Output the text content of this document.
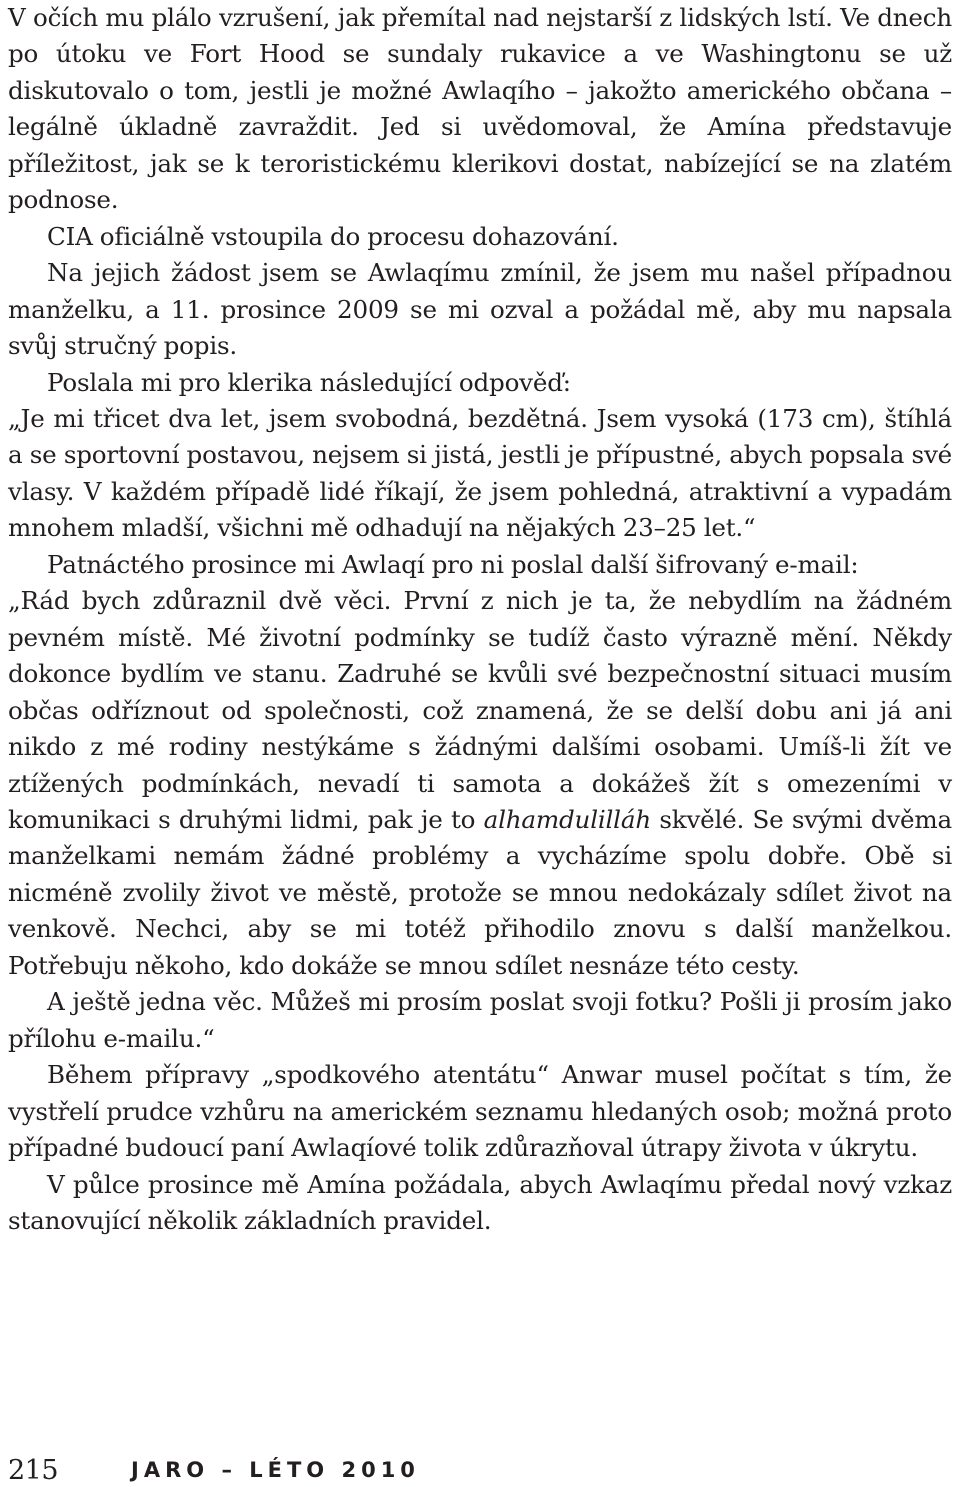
V očích mu plálo vzrušení, jak přemítal nad nejstarší z lidských lstí. Ve dnech po útoku ve Fort Hood se sundaly rukavice a ve Washingtonu se už diskutovalo o tom, jestli je možné Awlaqího – jakožto amerického občana – legálně úkladně zavraždit. Jed si uvědomoval, že Amína představuje příležitost, jak se k teroristickému klerikovi dostat, nabízející se na zlatém podnose.

CIA oficiálně vstoupila do procesu dohazování.

Na jejich žádost jsem se Awlaqímu zmínil, že jsem mu našel případnou manželku, a 11. prosince 2009 se mi ozval a požádal mě, aby mu napsala svůj stručný popis.

Poslala mi pro klerika následující odpověď:

„Je mi třicet dva let, jsem svobodná, bezdětná. Jsem vysoká (173 cm), štíhlá a se sportovní postavou, nejsem si jistá, jestli je přípustné, abych popsala své vlasy. V každém případě lidé říkají, že jsem pohledná, atraktivní a vypadám mnohem mladší, všichni mě odhadují na nějakých 23–25 let.“

Patnáctého prosince mi Awlaqí pro ni poslal další šifrovaný e-mail:

„Rád bych zdůraznil dvě věci. První z nich je ta, že nebydlím na žádném pevném místě. Mé životní podmínky se tudíž často výrazně mění. Někdy dokonce bydlím ve stanu. Zadruhé se kvůli své bezpečnostní situaci musím občas odříznout od společnosti, což znamená, že se delší dobu ani já ani nikdo z mé rodiny nestýkáme s žádnými dalšími osobami. Umíš-li žít ve ztížených podmínkách, nevadí ti samota a dokážeš žít s omezeními v komunikaci s druhými lidmi, pak je to alhamdulilláh skvělé. Se svými dvěma manželkami nemám žádné problémy a vycházíme spolu dobře. Obě si nicméně zvolily život ve městě, protože se mnou nedokázaly sdílet život na venkově. Nechci, aby se mi totéž přihodilo znovu s další manželkou. Potřebuju někoho, kdo dokáže se mnou sdílet nesnáze této cesty.

A ještě jedna věc. Můžeš mi prosím poslat svoji fotku? Pošli ji prosím jako přílohu e-mailu.“

Během přípravy „spodkového atentátu“ Anwar musel počítat s tím, že vystřelí prudce vzhůru na americkém seznamu hledaných osob; možná proto případné budoucí paní Awlaqíové tolik zdůrazňoval útrapy života v úkrytu.

V půlce prosince mě Amína požádala, abych Awlaqímu předal nový vzkaz stanovující několik základních pravidel.

215	JARO – LÉTO 2010
